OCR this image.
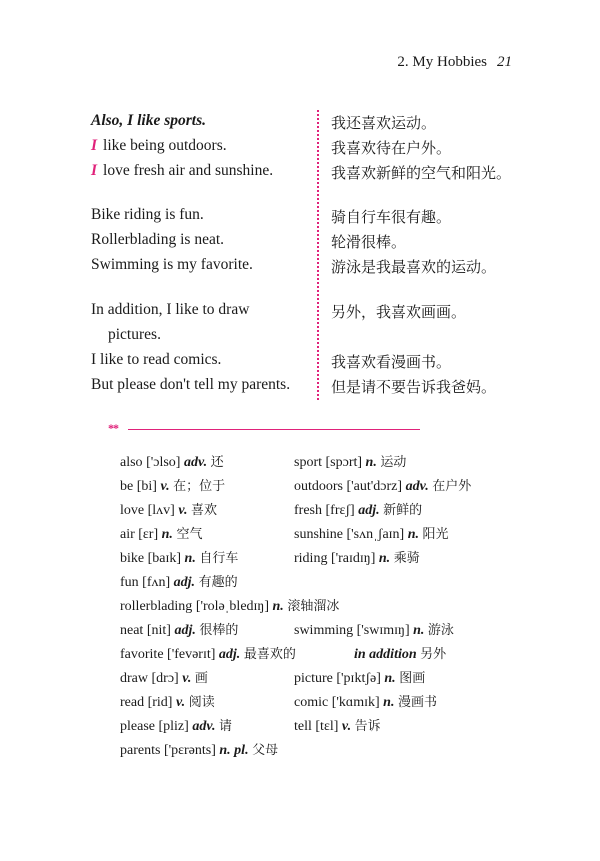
2. My Hobbies 21
Also, I like sports.
I like being outdoors.
I love fresh air and sunshine.
Bike riding is fun.
Rollerblading is neat.
Swimming is my favorite.
In addition, I like to draw
pictures.
I like to read comics.
But please don't tell my parents.
我还喜欢运动。
我喜欢待在户外。
我喜欢新鲜的空气和阳光。
骑自行车很有趣。
轮滑很棒。
游泳是我最喜欢的运动。
另外，我喜欢画画。
我喜欢看漫画书。
但是请不要告诉我爸妈。
**
also ['ɔlso] adv. 还	sport [spɔrt] n. 运动
be [bi] v. 在；位于	outdoors ['aut'dɔrz] adv. 在户外
love [lʌv] v. 喜欢	fresh [frɛʃ] adj. 新鲜的
air [ɛr] n. 空气	sunshine ['sʌnˌʃaɪn] n. 阳光
bike [baɪk] n. 自行车	riding ['raɪdɪŋ] n. 乘骑
fun [fʌn] adj. 有趣的
rollerblading ['roləˌbledɪŋ] n. 滚轴溜冰
neat [nit] adj. 很棒的	swimming ['swɪmɪŋ] n. 游泳
favorite ['fevərɪt] adj. 最喜欢的	in addition 另外
draw [drɔ] v. 画	picture ['pɪktʃə] n. 图画
read [rid] v. 阅读	comic ['kɑmɪk] n. 漫画书
please [pliz] adv. 请	tell [tɛl] v. 告诉
parents ['pɛrənts] n. pl. 父母
